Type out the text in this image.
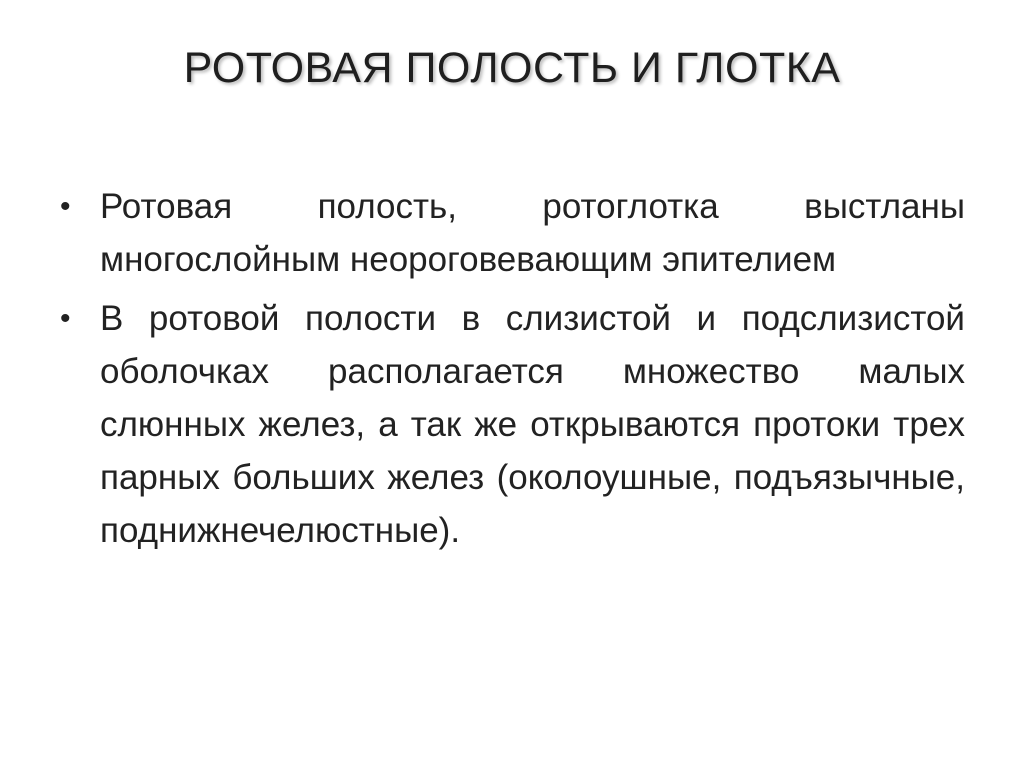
РОТОВАЯ ПОЛОСТЬ И ГЛОТКА
• Ротовая полость, ротоглотка выстланы многослойным неороговевающим эпителием
• В ротовой полости в слизистой и подслизистой оболочках располагается множество малых слюнных желез, а так же открываются протоки трех парных больших желез (околоушные, подъязычные, поднижнечелюстные).
